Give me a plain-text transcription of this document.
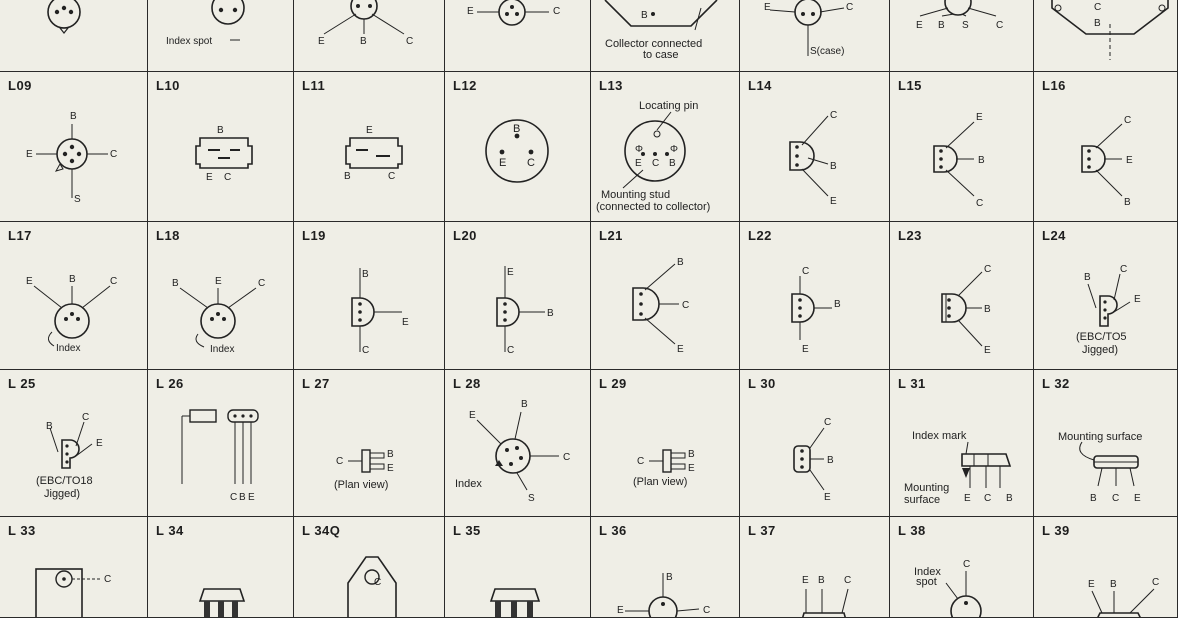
Index spot	E	B	C
E	C	B
Collector connected
to case
E	C
S(case)
E B S	C
C
B
L09
B
E	C
S
L10
B
E C
L11
E
B	C
L12
B
E C
L13
Φ	Φ
E C B
Locating pin
Mounting stud
(connected to collector)
L14
C
B
E
L15
E
B
C
L16
C
E
B
L17
E	B	C
Index
L18
B	E	C
Index
L19
B
E
C
L20
E
B
C
L21
B
C
E
L22
C
B
E
L23
C
B
E
L24
B
C
E
(EBC/TO5
Jigged)
L 25
C
B
E
(EBC/TO18
Jigged)
L 26
C B E
L 27
C
B
E
(Plan view)
L 28
E
B
C
S
Index
L 29
C
B
E
(Plan view)
L 30
C
B
E
L 31
Index mark
Mounting
surface E C B
L 32
Mounting surface
B C E
L 33
C
L 34	L 34Q
C
L 35	L 36
B
E	C
L 37
E B C
L 38
C
Index
spot
L 39
E B	C
